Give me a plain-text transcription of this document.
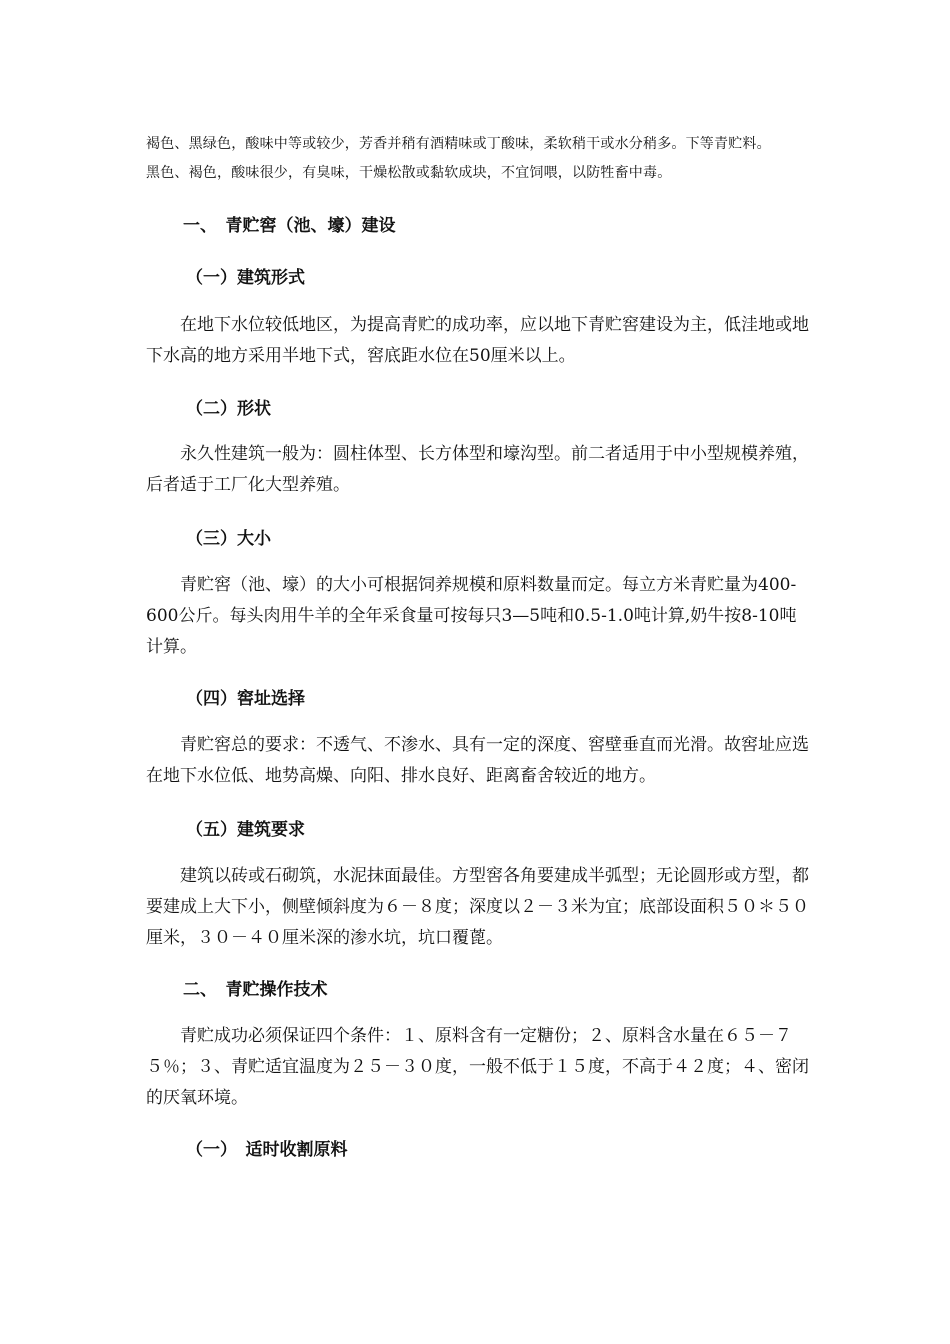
褐色、黑绿色，酸味中等或较少，芳香并稍有酒精味或丁酸味，柔软稍干或水分稍多。下等青贮料。
黑色、褐色，酸味很少，有臭味，干燥松散或黏软成块，不宜饲喂，以防牲畜中毒。
一、　青贮窖（池、壕）建设
（一）建筑形式

在地下水位较低地区，为提高青贮的成功率，应以地下青贮窖建设为主，低洼地或地下水高的地方采用半地下式，窖底距水位在50厘米以上。

（二）形状

永久性建筑一般为：圆柱体型、长方体型和壕沟型。前二者适用于中小型规模养殖，后者适于工厂化大型养殖。

（三）大小

青贮窖（池、壕）的大小可根据饲养规模和原料数量而定。每立方米青贮量为400-600公斤。每头肉用牛羊的全年采食量可按每只3—5吨和0.5-1.0吨计算,奶牛按8-10吨计算。

（四）窖址选择

青贮窖总的要求：不透气、不渗水、具有一定的深度、窖壁垂直而光滑。故窖址应选在地下水位低、地势高燥、向阳、排水良好、距离畜舍较近的地方。

（五）建筑要求

建筑以砖或石砌筑，水泥抹面最佳。方型窖各角要建成半弧型；无论圆形或方型，都要建成上大下小，侧壁倾斜度为６－８度；深度以２－３米为宜；底部设面积５０＊５０厘米，３０－４０厘米深的渗水坑，坑口覆蓖。

二、　青贮操作技术

青贮成功必须保证四个条件：１、原料含有一定糖份；２、原料含水量在６５－７５％；３、青贮适宜温度为２５－３０度，一般不低于１５度，不高于４２度；４、密闭的厌氧环境。

（一）　适时收割原料
